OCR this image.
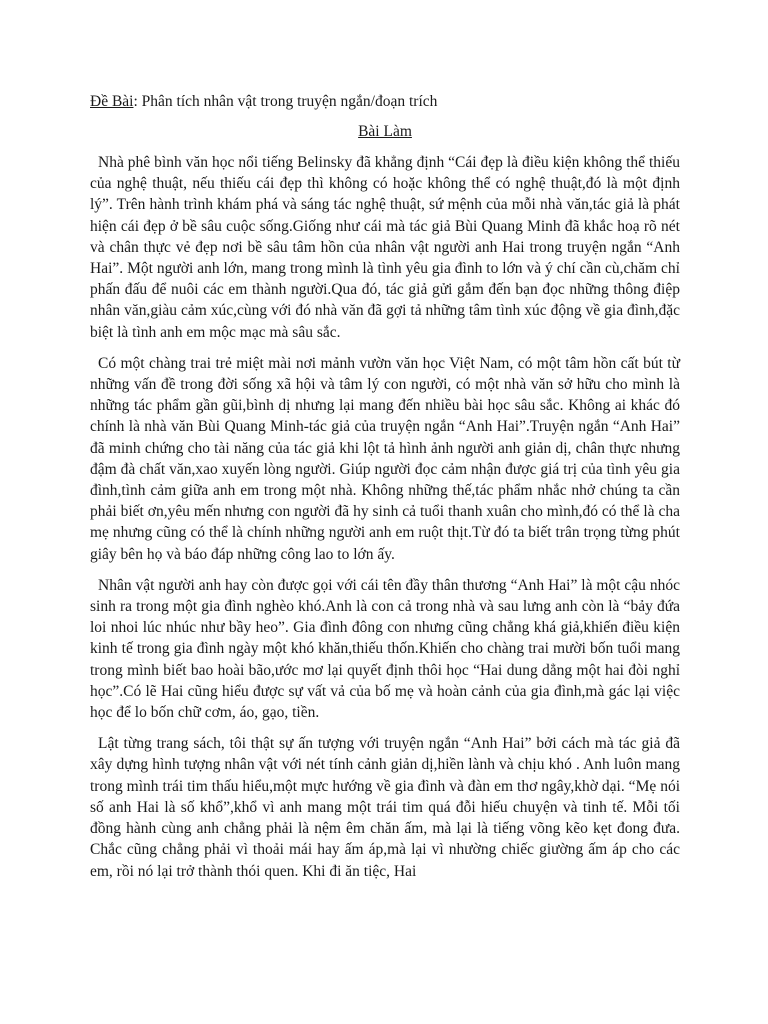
Đề Bài: Phân tích nhân vật trong truyện ngắn/đoạn trích

Bài Làm

Nhà phê bình văn học nổi tiếng Belinsky đã khẳng định “Cái đẹp là điều kiện không thể thiếu của nghệ thuật, nếu thiếu cái đẹp thì không có hoặc không thể có nghệ thuật,đó là một định lý”. Trên hành trình khám phá và sáng tác nghệ thuật, sứ mệnh của mỗi nhà văn,tác giả là phát hiện cái đẹp ở bề sâu cuộc sống.Giống như cái mà tác giả Bùi Quang Minh đã khắc hoạ rõ nét và chân thực vẻ đẹp nơi bề sâu tâm hồn của nhân vật người anh Hai trong truyện ngắn “Anh Hai”. Một người anh lớn, mang trong mình là tình yêu gia đình to lớn và ý chí cần cù,chăm chỉ phấn đấu để nuôi các em thành người.Qua đó, tác giả gửi gắm đến bạn đọc những thông điệp nhân văn,giàu cảm xúc,cùng với đó nhà văn đã gợi tả những tâm tình xúc động về gia đình,đặc biệt là tình anh em mộc mạc mà sâu sắc.

Có một chàng trai trẻ miệt mài nơi mảnh vườn văn học Việt Nam, có một tâm hồn cất bút từ những vấn đề trong đời sống xã hội và tâm lý con người, có một nhà văn sở hữu cho mình là những tác phẩm gần gũi,bình dị nhưng lại mang đến nhiều bài học sâu sắc. Không ai khác đó chính là nhà văn Bùi Quang Minh-tác giả của truyện ngắn “Anh Hai”.Truyện ngắn “Anh Hai” đã minh chứng cho tài năng của tác giả khi lột tả hình ảnh người anh giản dị, chân thực nhưng đậm đà chất văn,xao xuyến lòng người. Giúp người đọc cảm nhận được giá trị của tình yêu gia đình,tình cảm giữa anh em trong một nhà. Không những thế,tác phẩm nhắc nhở chúng ta cần phải biết ơn,yêu mến nhưng con người đã hy sinh cả tuổi thanh xuân cho mình,đó có thể là cha mẹ nhưng cũng có thể là chính những người anh em ruột thịt.Từ đó ta biết trân trọng từng phút giây bên họ và báo đáp những công lao to lớn ấy.

Nhân vật người anh hay còn được gọi với cái tên đầy thân thương “Anh Hai” là một cậu nhóc sinh ra trong một gia đình nghèo khó.Anh là con cả trong nhà và sau lưng anh còn là “bảy đứa loi nhoi lúc nhúc như bầy heo”. Gia đình đông con nhưng cũng chẳng khá giả,khiến điều kiện kinh tế trong gia đình ngày một khó khăn,thiếu thốn.Khiến cho chàng trai mười bốn tuổi mang trong mình biết bao hoài bão,ước mơ lại quyết định thôi học “Hai dung dẳng một hai đòi nghỉ học”.Có lẽ Hai cũng hiểu được sự vất vả của bố mẹ và hoàn cảnh của gia đình,mà gác lại việc học để lo bốn chữ cơm, áo, gạo, tiền.

Lật từng trang sách, tôi thật sự ấn tượng với truyện ngắn “Anh Hai” bởi cách mà tác giả đã xây dựng hình tượng nhân vật với nét tính cảnh giản dị,hiền lành và chịu khó . Anh luôn mang trong mình trái tim thấu hiểu,một mực hướng về gia đình và đàn em thơ ngây,khờ dại. “Mẹ nói số anh Hai là số khổ”,khổ vì anh mang một trái tim quá đỗi hiếu chuyện và tinh tế. Mỗi tối đồng hành cùng anh chẳng phải là nệm êm chăn ấm, mà lại là tiếng võng kẽo kẹt đong đưa. Chắc cũng chẳng phải vì thoải mái hay ấm áp,mà lại vì nhường chiếc giường ấm áp cho các em, rồi nó lại trở thành thói quen. Khi đi ăn tiệc, Hai
